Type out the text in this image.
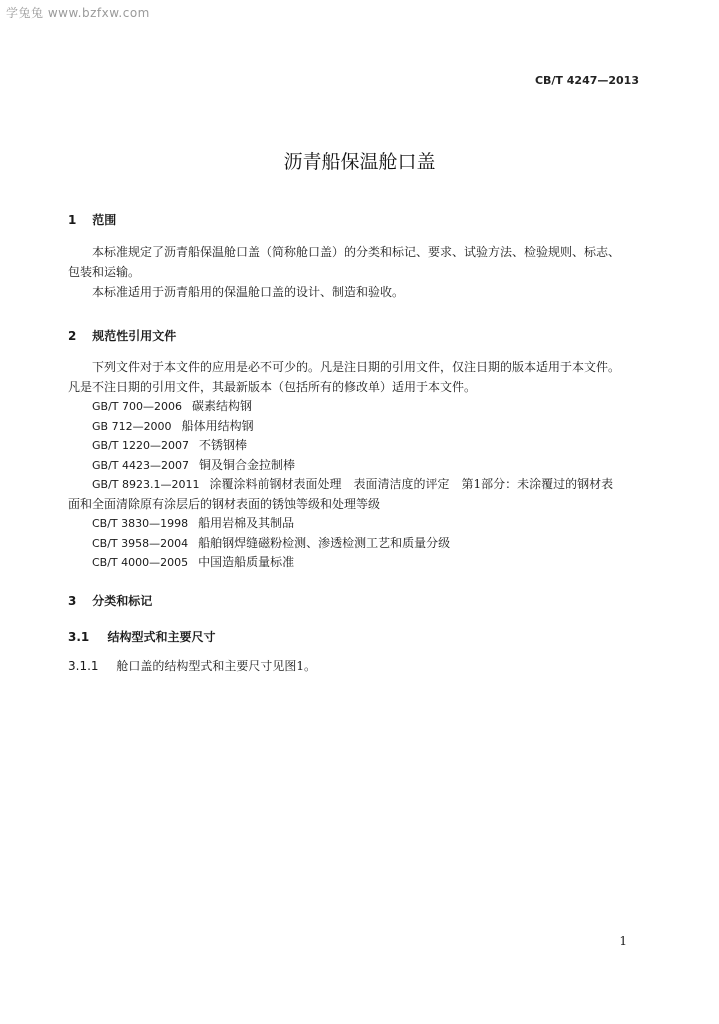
学兔兔 www.bzfxw.com
CB/T 4247—2013
沥青船保温舱口盖
1 范围

本标准规定了沥青船保温舱口盖（简称舱口盖）的分类和标记、要求、试验方法、检验规则、标志、

包装和运输。

本标准适用于沥青船用的保温舱口盖的设计、制造和验收。

2 规范性引用文件

下列文件对于本文件的应用是必不可少的。凡是注日期的引用文件，仅注日期的版本适用于本文件。

凡是不注日期的引用文件，其最新版本（包括所有的修改单）适用于本文件。

GB/T 700—2006 碳素结构钢

GB 712—2000 船体用结构钢

GB/T 1220—2007 不锈钢棒

GB/T 4423—2007 铜及铜合金拉制棒

GB/T 8923.1—2011 涂覆涂料前钢材表面处理　表面清洁度的评定　第1部分：未涂覆过的钢材表
面和全面清除原有涂层后的钢材表面的锈蚀等级和处理等级

CB/T 3830—1998 船用岩棉及其制品

CB/T 3958—2004 船舶钢焊缝磁粉检测、渗透检测工艺和质量分级

CB/T 4000—2005 中国造船质量标准

3 分类和标记
3.1 结构型式和主要尺寸
3.1.1 舱口盖的结构型式和主要尺寸见图1。
1
